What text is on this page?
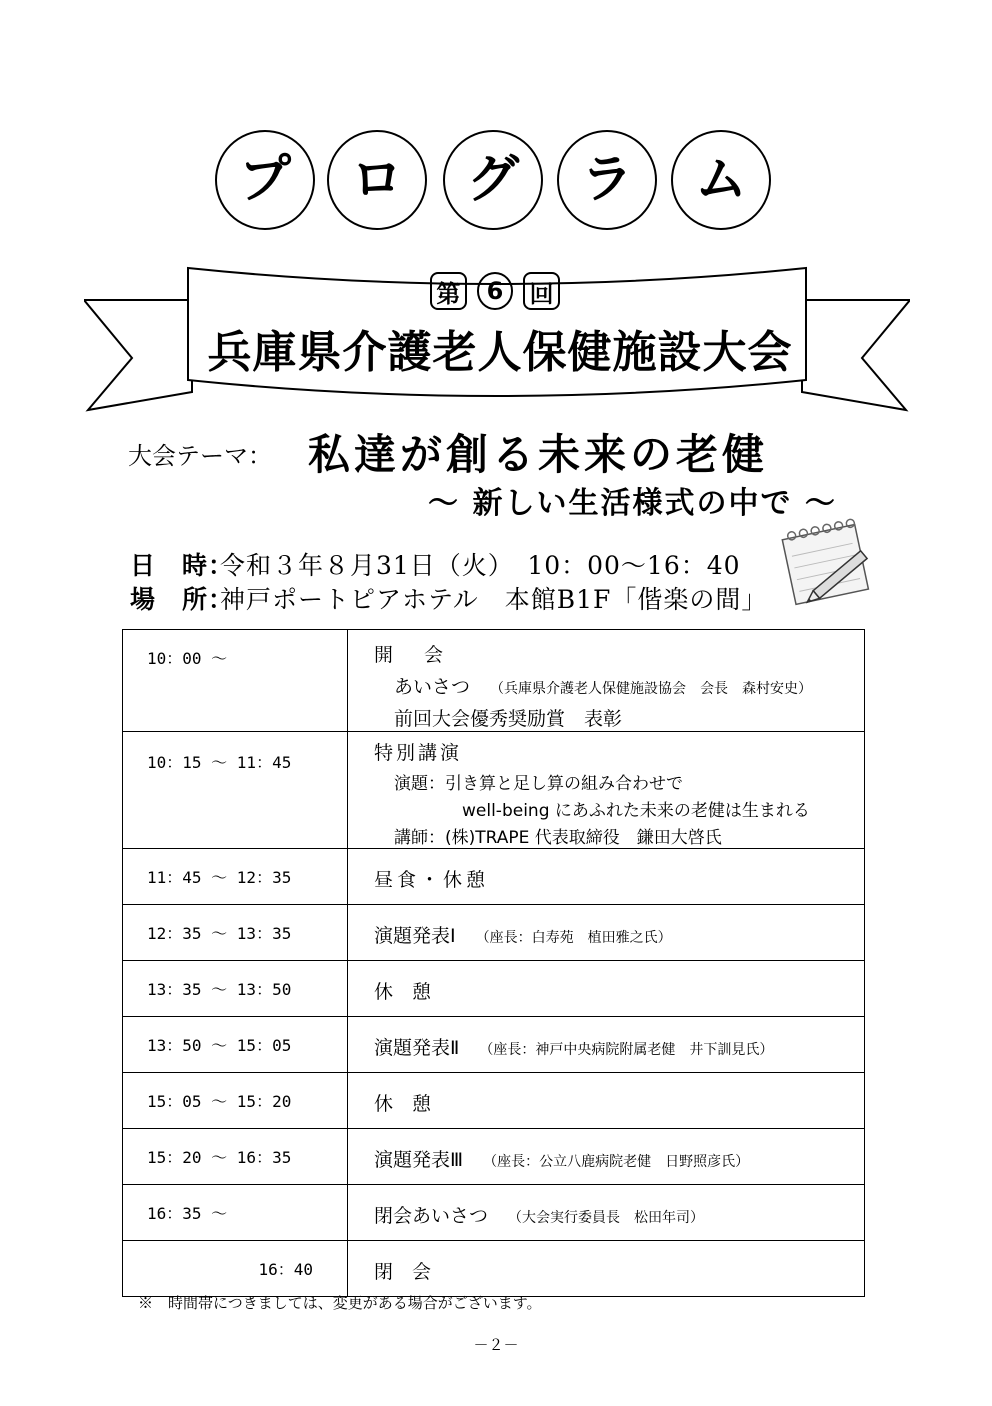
プ	ロ	グ	ラ	ム
第	6	回
兵庫県介護老人保健施設大会
大会テーマ： 私達が創る未来の老健
～ 新しい生活様式の中で ～
日　時：令和３年８月31日（火）　10：00～16：40
場　所：神戸ポートピアホテル　本館B1F「偕楽の間」
10：00 ～	開　会
あいさつ （兵庫県介護老人保健施設協会　会長　森村安史）
前回大会優秀奨励賞　表彰

10：15 ～ 11：45	特別講演
演題：引き算と足し算の組み合わせで
well-being にあふれた未来の老健は生まれる
講師：(株)TRAPE 代表取締役　鎌田大啓氏

11：45 ～ 12：35	昼食・休憩
12：35 ～ 13：35	演題発表Ⅰ （座長：白寿苑　植田雅之氏）
13：35 ～ 13：50	休　憩
13：50 ～ 15：05	演題発表Ⅱ （座長：神戸中央病院附属老健　井下訓見氏）
15：05 ～ 15：20	休　憩
15：20 ～ 16：35	演題発表Ⅲ （座長：公立八鹿病院老健　日野照彦氏）
16：35 ～	閉会あいさつ （大会実行委員長　松田年司）
16：40	閉　会
※　時間帯につきましては、変更がある場合がございます。
－２－
